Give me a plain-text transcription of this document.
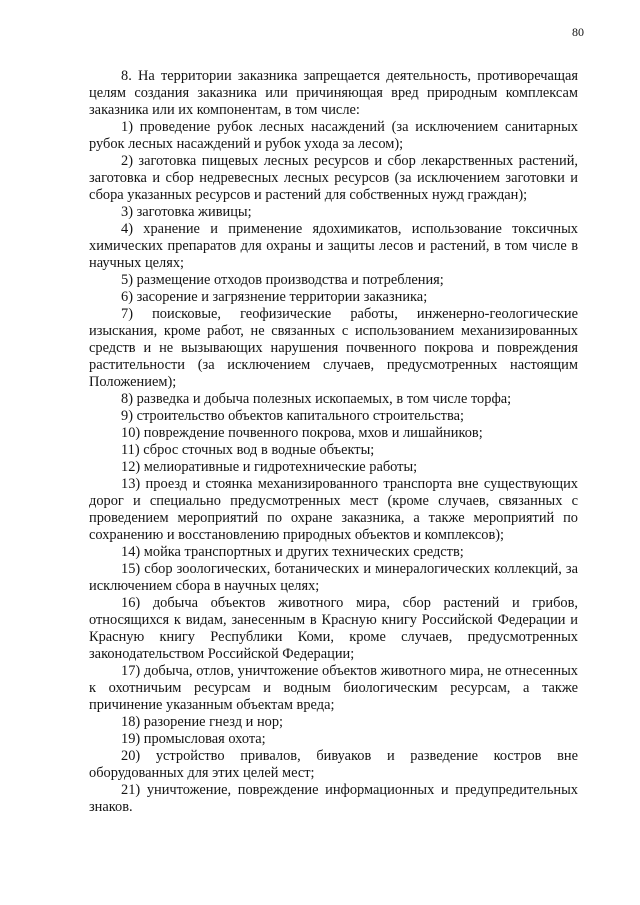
80

8. На территории заказника запрещается деятельность, противоречащая целям создания заказника или причиняющая вред природным комплексам заказника или их компонентам, в том числе:

1) проведение рубок лесных насаждений (за исключением санитарных рубок лесных насаждений и рубок ухода за лесом);

2) заготовка пищевых лесных ресурсов и сбор лекарственных растений, заготовка и сбор недревесных лесных ресурсов (за исключением заготовки и сбора указанных ресурсов и растений для собственных нужд граждан);

3) заготовка живицы;

4) хранение и применение ядохимикатов, использование токсичных химических препаратов для охраны и защиты лесов и растений, в том числе в научных целях;

5) размещение отходов производства и потребления;

6) засорение и загрязнение территории заказника;

7) поисковые, геофизические работы, инженерно-геологические изыскания, кроме работ, не связанных с использованием механизированных средств и не вызывающих нарушения почвенного покрова и повреждения растительности (за исключением случаев, предусмотренных настоящим Положением);

8) разведка и добыча полезных ископаемых, в том числе торфа;

9) строительство объектов капитального строительства;

10) повреждение почвенного покрова, мхов и лишайников;

11) сброс сточных вод в водные объекты;

12) мелиоративные и гидротехнические работы;

13) проезд и стоянка механизированного транспорта вне существующих дорог и специально предусмотренных мест (кроме случаев, связанных с проведением мероприятий по охране заказника, а также мероприятий по сохранению и восстановлению природных объектов и комплексов);

14) мойка транспортных и других технических средств;

15) сбор зоологических, ботанических и минералогических коллекций, за исключением сбора в научных целях;

16) добыча объектов животного мира, сбор растений и грибов, относящихся к видам, занесенным в Красную книгу Российской Федерации и Красную книгу Республики Коми, кроме случаев, предусмотренных законодательством Российской Федерации;

17) добыча, отлов, уничтожение объектов животного мира, не отнесенных к охотничьим ресурсам и водным биологическим ресурсам, а также причинение указанным объектам вреда;

18) разорение гнезд и нор;

19) промысловая охота;

20) устройство привалов, бивуаков и разведение костров вне оборудованных для этих целей мест;

21) уничтожение, повреждение информационных и предупредительных знаков.
